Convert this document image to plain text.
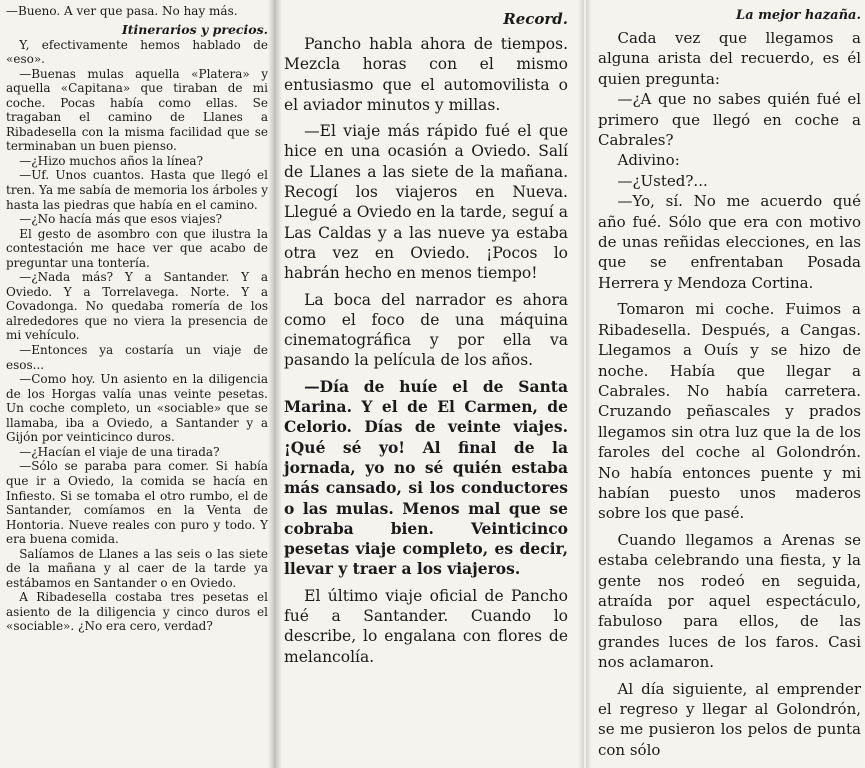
—Bueno. A ver que pasa. No hay más.

Itinerarios y precios.

Y, efectivamente hemos hablado de «eso».

—Buenas mulas aquella «Platera» y aquella «Capitana» que tiraban de mi coche. Pocas había como ellas. Se tragaban el camino de Llanes a Ribadesella con la misma facilidad que se terminaban un buen pienso.

—¿Hizo muchos años la línea?

—Uf. Unos cuantos. Hasta que llegó el tren. Ya me sabía de memoria los árboles y hasta las piedras que había en el camino.

—¿No hacía más que esos viajes?

El gesto de asombro con que ilustra la contestación me hace ver que acabo de preguntar una tontería.

—¿Nada más? Y a Santander. Y a Oviedo. Y a Torrelavega. Norte. Y a Covadonga. No quedaba romería de los alrededores que no viera la presencia de mi vehículo.

—Entonces ya costaría un viaje de esos...

—Como hoy. Un asiento en la diligencia de los Horgas valía unas veinte pesetas. Un coche completo, un «sociable» que se llamaba, iba a Oviedo, a Santander y a Gijón por veinticinco duros.

—¿Hacían el viaje de una tirada?

—Sólo se paraba para comer. Si había que ir a Oviedo, la comida se hacía en Infiesto. Si se tomaba el otro rumbo, el de Santander, comíamos en la Venta de Hontoria. Nueve reales con puro y todo. Y era buena comida.

Salíamos de Llanes a las seis o las siete de la mañana y al caer de la tarde ya estábamos en Santander o en Oviedo.

A Ribadesella costaba tres pesetas el asiento de la diligencia y cinco duros el «sociable». ¿No era cero, verdad?

Record.

Pancho habla ahora de tiempos. Mezcla horas con el mismo entusiasmo que el automovilista o el aviador minutos y millas.

—El viaje más rápido fué el que hice en una ocasión a Oviedo. Salí de Llanes a las siete de la mañana. Recogí los viajeros en Nueva. Llegué a Oviedo en la tarde, seguí a Las Caldas y a las nueve ya estaba otra vez en Oviedo. ¡Pocos lo habrán hecho en menos tiempo!

La boca del narrador es ahora como el foco de una máquina cinematográfica y por ella va pasando la película de los años.

—Día de huíe el de Santa Marina. Y el de El Carmen, de Celorio. Días de veinte viajes. ¡Qué sé yo! Al final de la jornada, yo no sé quién estaba más cansado, si los conductores o las mulas. Menos mal que se cobraba bien. Veinticinco pesetas viaje completo, es decir, llevar y traer a los viajeros.

El último viaje oficial de Pancho fué a Santander. Cuando lo describe, lo engalana con flores de melancolía.

La mejor hazaña.

Cada vez que llegamos a alguna arista del recuerdo, es él quien pregunta:

—¿A que no sabes quién fué el primero que llegó en coche a Cabrales?

Adivino:

—¿Usted?...

—Yo, sí. No me acuerdo qué año fué. Sólo que era con motivo de unas reñidas elecciones, en las que se enfrentaban Posada Herrera y Mendoza Cortina.

Tomaron mi coche. Fuimos a Ribadesella. Después, a Cangas. Llegamos a Ouís y se hizo de noche. Había que llegar a Cabrales. No había carretera. Cruzando peñascales y prados llegamos sin otra luz que la de los faroles del coche al Golondrón. No había entonces puente y mi habían puesto unos maderos sobre los que pasé.

Cuando llegamos a Arenas se estaba celebrando una fiesta, y la gente nos rodeó en seguida, atraída por aquel espectáculo, fabuloso para ellos, de las grandes luces de los faros. Casi nos aclamaron.

Al día siguiente, al emprender el regreso y llegar al Golondrón, se me pusieron los pelos de punta con sólo
